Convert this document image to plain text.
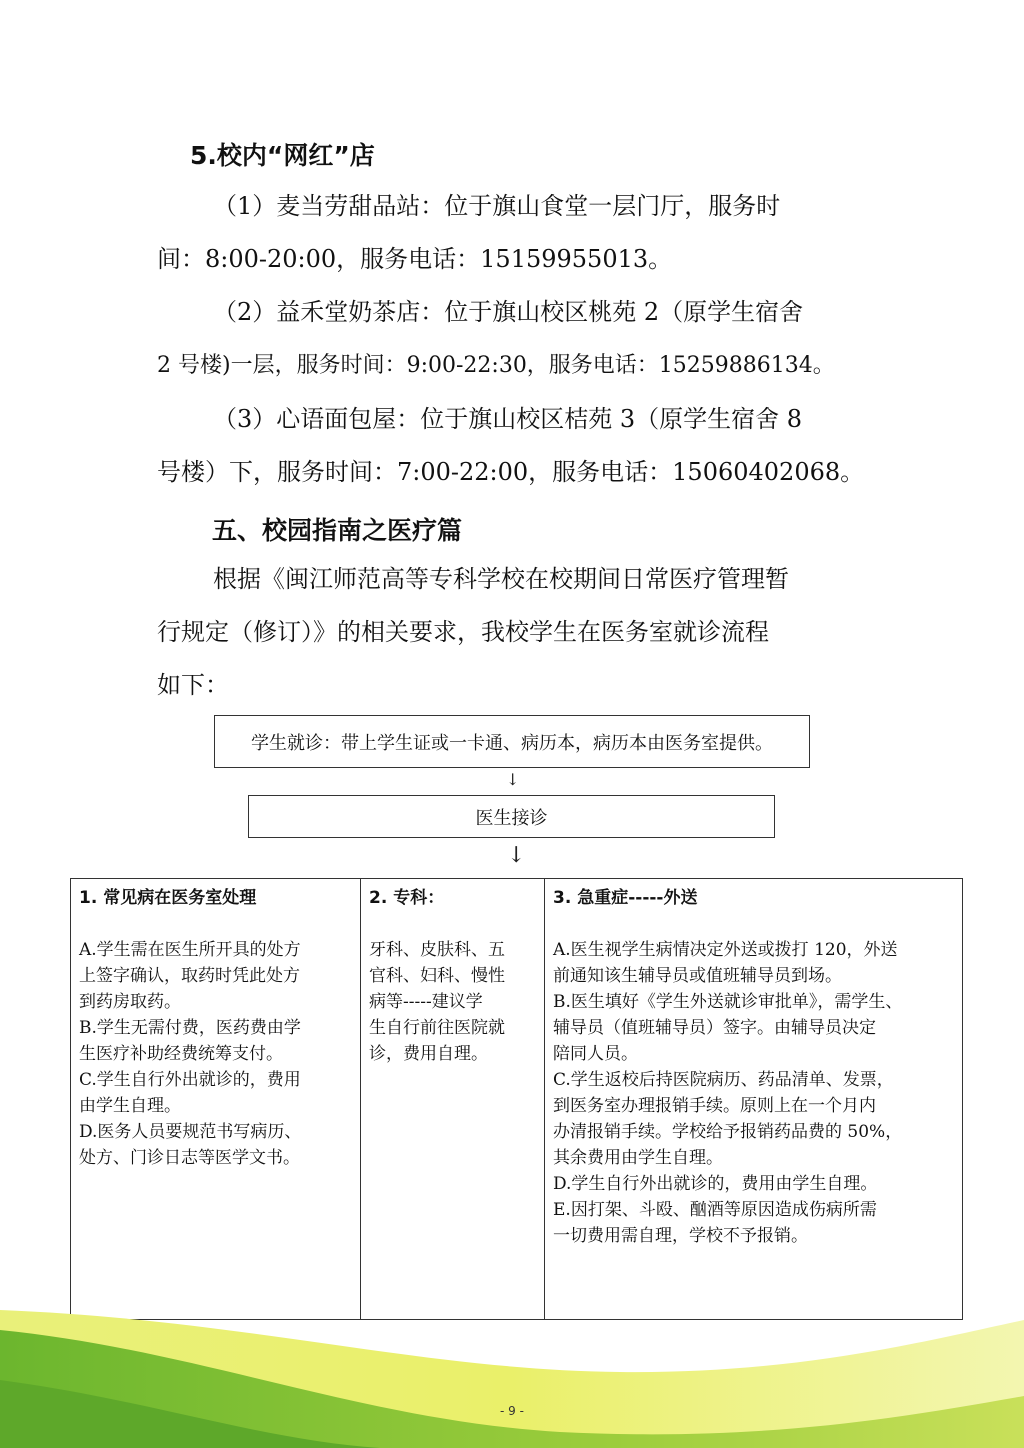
5.校内“网红”店
（1）麦当劳甜品站：位于旗山食堂一层门厅，服务时
间：8:00-20:00，服务电话：15159955013。
（2）益禾堂奶茶店：位于旗山校区桃苑 2（原学生宿舍
2 号楼)一层，服务时间：9:00-22:30，服务电话：15259886134。
（3）心语面包屋：位于旗山校区桔苑 3（原学生宿舍 8
号楼）下，服务时间：7:00-22:00，服务电话：15060402068。
五、校园指南之医疗篇
根据《闽江师范高等专科学校在校期间日常医疗管理暂
行规定（修订）》的相关要求，我校学生在医务室就诊流程
如下：
学生就诊：带上学生证或一卡通、病历本，病历本由医务室提供。
↓
医生接诊
↓
1. 常见病在医务室处理
A.学生需在医生所开具的处方
上签字确认，取药时凭此处方
到药房取药。
B.学生无需付费，医药费由学
生医疗补助经费统筹支付。
C.学生自行外出就诊的，费用
由学生自理。
D.医务人员要规范书写病历、
处方、门诊日志等医学文书。

2. 专科：
牙科、皮肤科、五
官科、妇科、慢性
病等-----建议学
生自行前往医院就
诊，费用自理。

3. 急重症-----外送
A.医生视学生病情决定外送或拨打 120，外送
前通知该生辅导员或值班辅导员到场。
B.医生填好《学生外送就诊审批单》，需学生、
辅导员（值班辅导员）签字。由辅导员决定
陪同人员。
C.学生返校后持医院病历、药品清单、发票，
到医务室办理报销手续。原则上在一个月内
办清报销手续。学校给予报销药品费的 50%，
其余费用由学生自理。
D.学生自行外出就诊的，费用由学生自理。
E.因打架、斗殴、酗酒等原因造成伤病所需
一切费用需自理，学校不予报销。
- 9 -
